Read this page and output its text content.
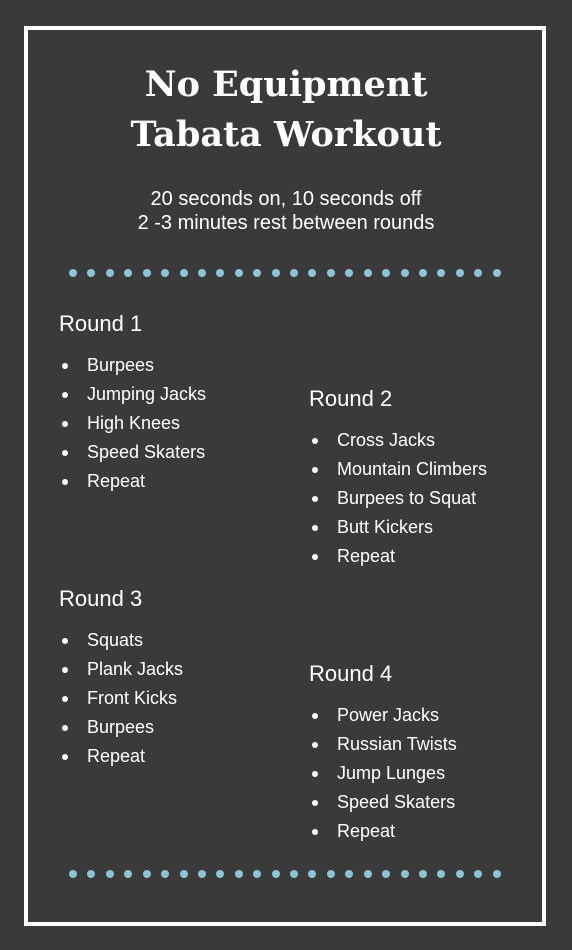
No Equipment
Tabata Workout
20 seconds on, 10 seconds off
2 -3 minutes rest between rounds
Round 1
Burpees
Jumping Jacks
High Knees
Speed Skaters
Repeat
Round 2
Cross Jacks
Mountain Climbers
Burpees to Squat
Butt Kickers
Repeat
Round 3
Squats
Plank Jacks
Front Kicks
Burpees
Repeat
Round 4
Power Jacks
Russian Twists
Jump Lunges
Speed Skaters
Repeat
